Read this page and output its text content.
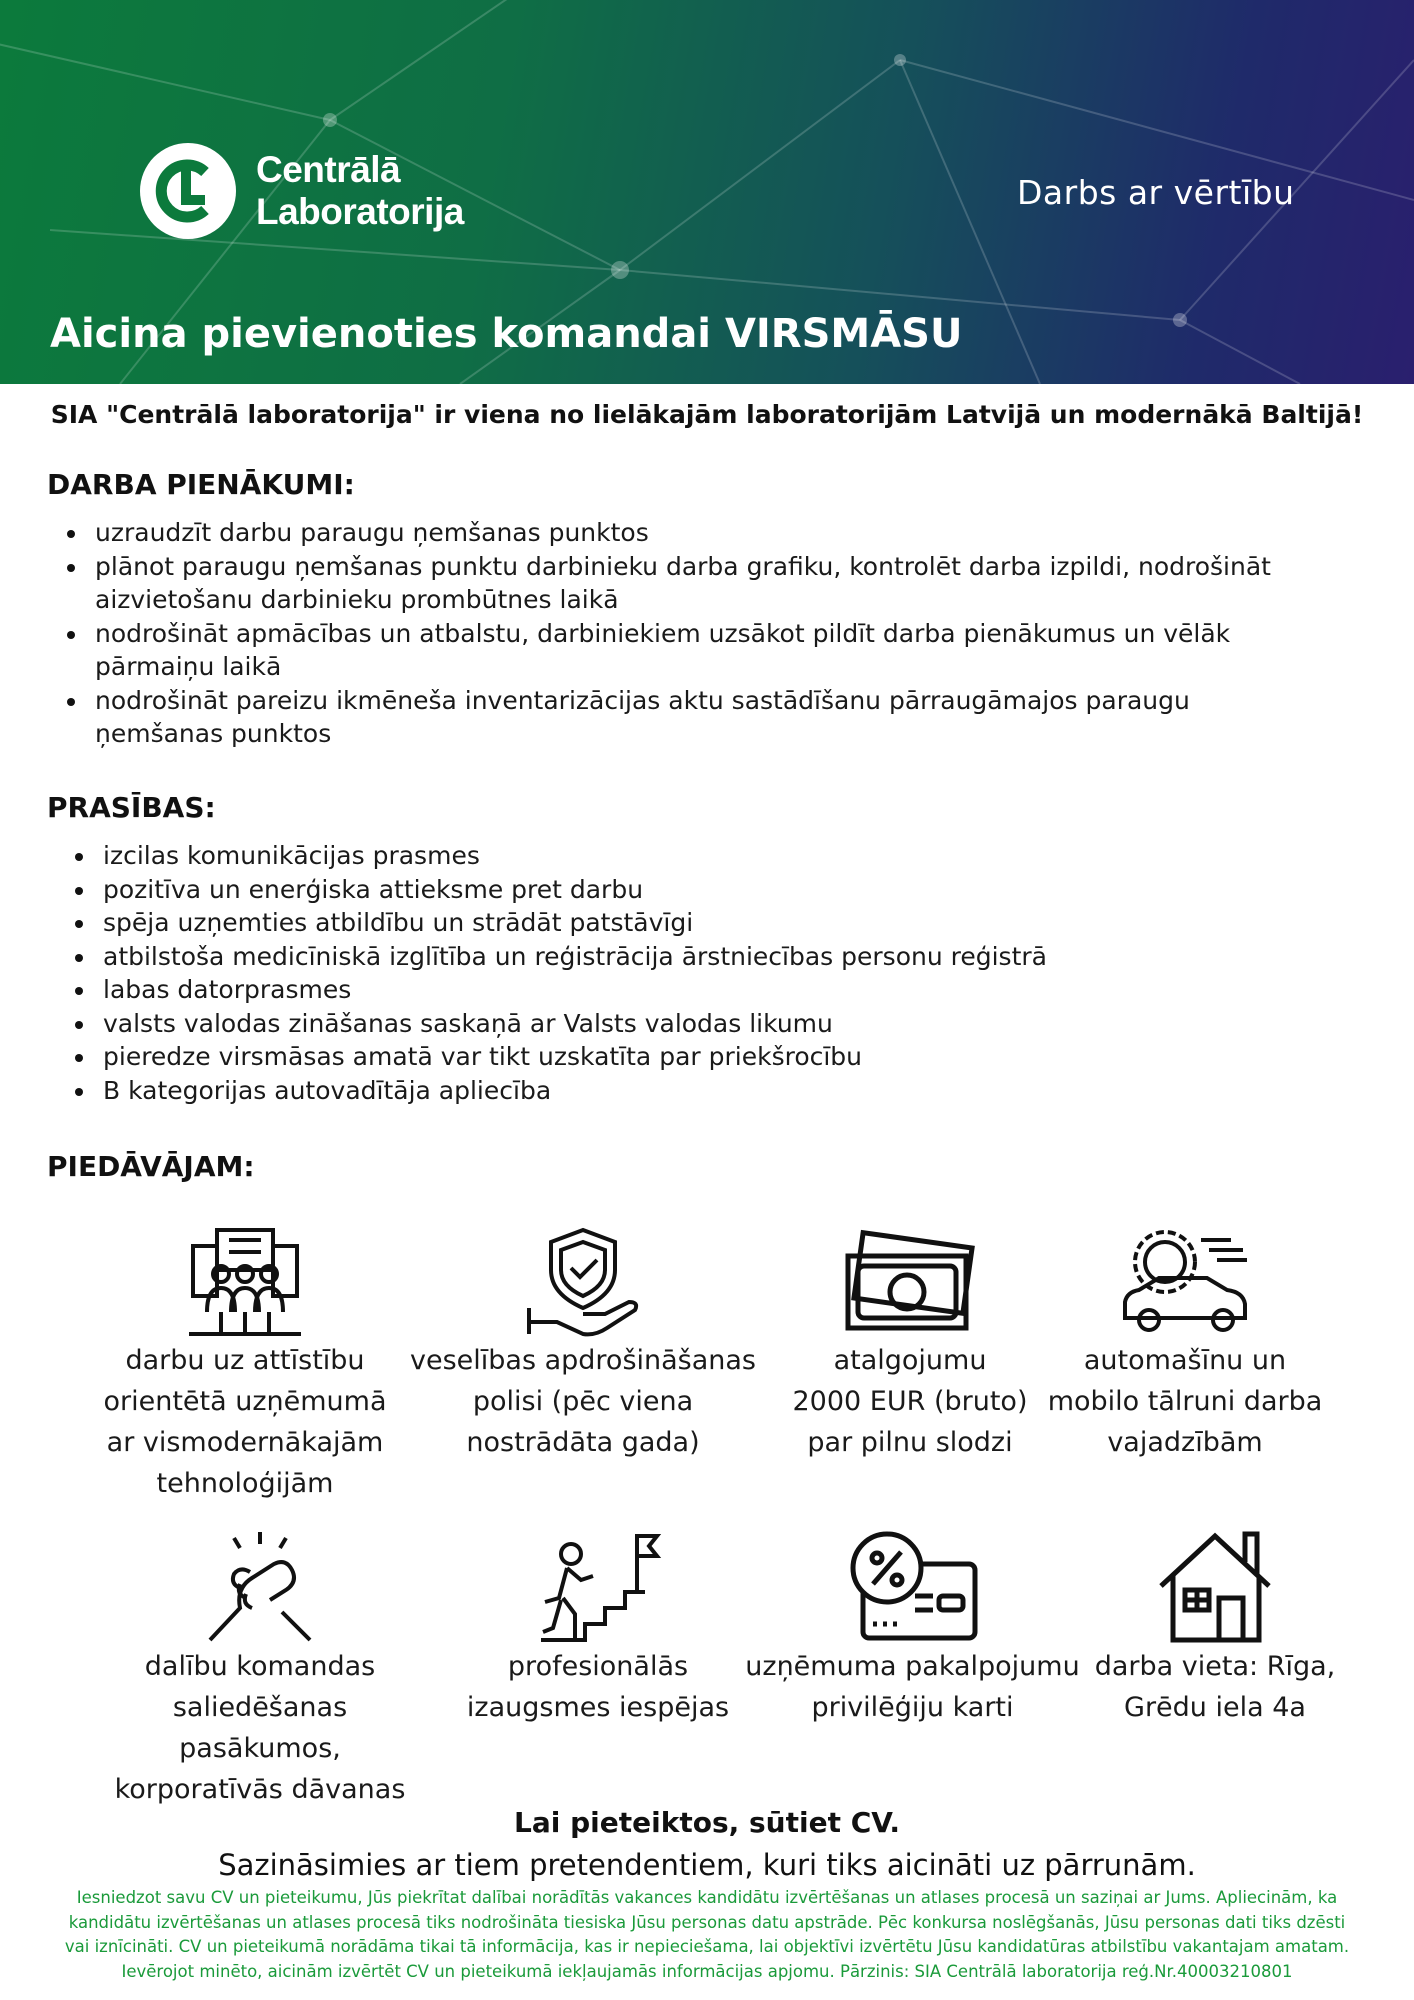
Centrālā
Laboratorija	Darbs ar vērtību
Aicina pievienoties komandai VIRSMĀSU
SIA "Centrālā laboratorija" ir viena no lielākajām laboratorijām Latvijā un modernākā Baltijā!
DARBA PIENĀKUMI:
uzraudzīt darbu paraugu ņemšanas punktos
plānot paraugu ņemšanas punktu darbinieku darba grafiku, kontrolēt darba izpildi, nodrošināt aizvietošanu darbinieku prombūtnes laikā
nodrošināt apmācības un atbalstu, darbiniekiem uzsākot pildīt darba pienākumus un vēlāk pārmaiņu laikā
nodrošināt pareizu ikmēneša inventarizācijas aktu sastādīšanu pārraugāmajos paraugu ņemšanas punktos
PRASĪBAS:
izcilas komunikācijas prasmes
pozitīva un enerģiska attieksme pret darbu
spēja uzņemties atbildību un strādāt patstāvīgi
atbilstoša medicīniskā izglītība un reģistrācija ārstniecības personu reģistrā
labas datorprasmes
valsts valodas zināšanas saskaņā ar Valsts valodas likumu
pieredze virsmāsas amatā var tikt uzskatīta par priekšrocību
B kategorijas autovadītāja apliecība
PIEDĀVĀJAM:
darbu uz attīstību
orientētā uzņēmumā
ar vismodernākajām
tehnoloģijām
veselības apdrošināšanas
polisi (pēc viena
nostrādāta gada)
atalgojumu
2000 EUR (bruto)
par pilnu slodzi
automašīnu un
mobilo tālruni darba
vajadzībām
dalību komandas
saliedēšanas pasākumos,
korporatīvās dāvanas
profesionālās
izaugsmes iespējas
uzņēmuma pakalpojumu
privilēģiju karti
darba vieta: Rīga,
Grēdu iela 4a
Lai pieteiktos, sūtiet CV.
Sazināsimies ar tiem pretendentiem, kuri tiks aicināti uz pārrunām.
Iesniedzot savu CV un pieteikumu, Jūs piekrītat dalībai norādītās vakances kandidātu izvērtēšanas un atlases procesā un saziņai ar Jums. Apliecinām, ka kandidātu izvērtēšanas un atlases procesā tiks nodrošināta tiesiska Jūsu personas datu apstrāde. Pēc konkursa noslēgšanās, Jūsu personas dati tiks dzēsti vai iznīcināti. CV un pieteikumā norādāma tikai tā informācija, kas ir nepieciešama, lai objektīvi izvērtētu Jūsu kandidatūras atbilstību vakantajam amatam. Ievērojot minēto, aicinām izvērtēt CV un pieteikumā iekļaujamās informācijas apjomu. Pārzinis: SIA Centrālā laboratorija reģ.Nr.40003210801
